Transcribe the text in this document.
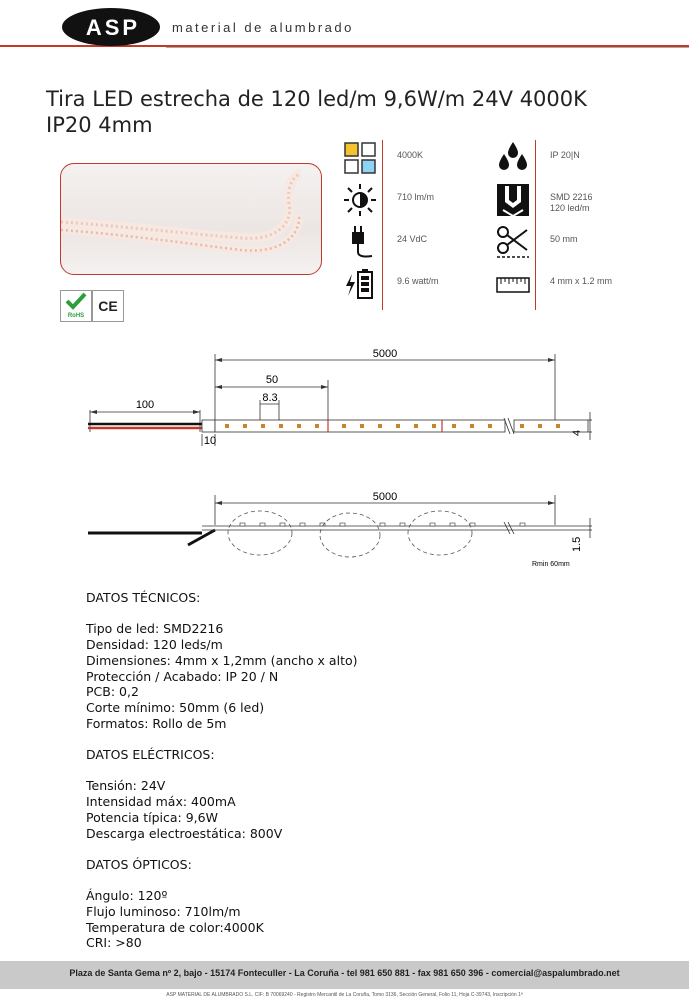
ASP	material de alumbrado
Tira LED estrecha de 120 led/m 9,6W/m 24V 4000K
IP20 4mm
RoHS
CE
4000K
710 lm/m
24 VdC
9.6 watt/m
IP 20|N
SMD 2216
120 led/m
50 mm
4 mm x 1.2 mm
5000
50
8.3
100
10
4
5000
1.5
Rmin 60mm
DATOS TÉCNICOS:
Tipo de led: SMD2216
Densidad: 120 leds/m
Dimensiones: 4mm x 1,2mm (ancho x alto)
Protección / Acabado: IP 20 / N
PCB: 0,2
Corte mínimo: 50mm (6 led)
Formatos: Rollo de 5m
DATOS ELÉCTRICOS:
Tensión: 24V
Intensidad máx: 400mA
Potencia típica: 9,6W
Descarga electroestática: 800V
DATOS ÓPTICOS:
Ángulo: 120º
Flujo luminoso: 710lm/m
Temperatura de color:4000K
CRI: >80
Plaza de Santa Gema nº 2, bajo - 15174 Fonteculler - La Coruña - tel 981 650 881 - fax 981 650 396 - comercial@aspalumbrado.net
ASP MATERIAL DE ALUMBRADO S.L. CIF: B 70069240 - Registro Mercantil de La Coruña, Tomo 3136, Sección General, Folio 11, Hoja C-39743, Inscripción 1ª
